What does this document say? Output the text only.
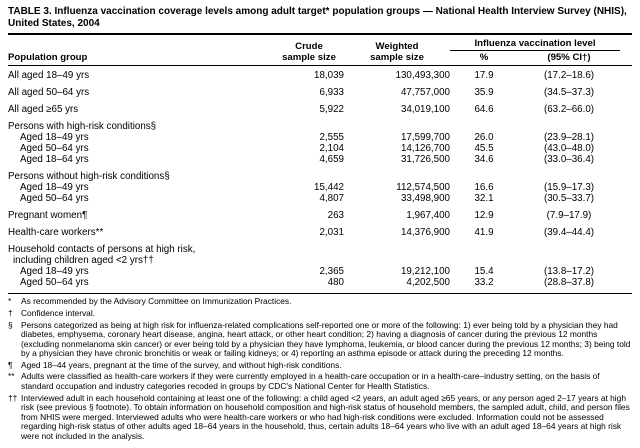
TABLE 3. Influenza vaccination coverage levels among adult target* population groups — National Health Interview Survey (NHIS), United States, 2004
Population group
Crude
sample size
Weighted
sample size
Influenza vaccination level
%	(95% CI†)
All aged 18–49 yrs	18,039	130,493,300	17.9	(17.2–18.6)
All aged 50–64 yrs	6,933	47,757,000	35.9	(34.5–37.3)
All aged ≥65 yrs	5,922	34,019,100	64.6	(63.2–66.0)
Persons with high-risk conditions§
Aged 18–49 yrs	2,555	17,599,700	26.0	(23.9–28.1)
Aged 50–64 yrs	2,104	14,126,700	45.5	(43.0–48.0)
Aged 18–64 yrs	4,659	31,726,500	34.6	(33.0–36.4)
Persons without high-risk conditions§
Aged 18–49 yrs	15,442	112,574,500	16.6	(15.9–17.3)
Aged 50–64 yrs	4,807	33,498,900	32.1	(30.5–33.7)
Pregnant women¶	263	1,967,400	12.9	(7.9–17.9)
Health-care workers**	2,031	14,376,900	41.9	(39.4–44.4)
Household contacts of persons at high risk,
including children aged <2 yrs††
Aged 18–49 yrs	2,365	19,212,100	15.4	(13.8–17.2)
Aged 50–64 yrs	480	4,202,500	33.2	(28.8–37.8)
* As recommended by the Advisory Committee on Immunization Practices.
† Confidence interval.
§ Persons categorized as being at high risk for influenza-related complications self-reported one or more of the following: 1) ever being told by a physician they had diabetes, emphysema, coronary heart disease, angina, heart attack, or other heart condition; 2) having a diagnosis of cancer during the previous 12 months (excluding nonmelanoma skin cancer) or ever being told by a physician they have lymphoma, leukemia, or blood cancer during the previous 12 months; 3) being told by a physician they have chronic bronchitis or weak or failing kidneys; or 4) reporting an asthma episode or attack during the preceding 12 months.
¶ Aged 18–44 years, pregnant at the time of the survey, and without high-risk conditions.
** Adults were classified as health-care workers if they were currently employed in a health-care occupation or in a health-care–industry setting, on the basis of standard occupation and industry categories recoded in groups by CDC's National Center for Health Statistics.
†† Interviewed adult in each household containing at least one of the following: a child aged <2 years, an adult aged ≥65 years, or any person aged 2–17 years at high risk (see previous § footnote). To obtain information on household composition and high-risk status of household members, the sampled adult, child, and person files from NHIS were merged. Interviewed adults who were health-care workers or who had high-risk conditions were excluded. Information could not be assessed regarding high-risk status of other adults aged 18–64 years in the household, thus, certain adults 18–64 years who live with an adult aged 18–64 years at high risk were not included in the analysis.
